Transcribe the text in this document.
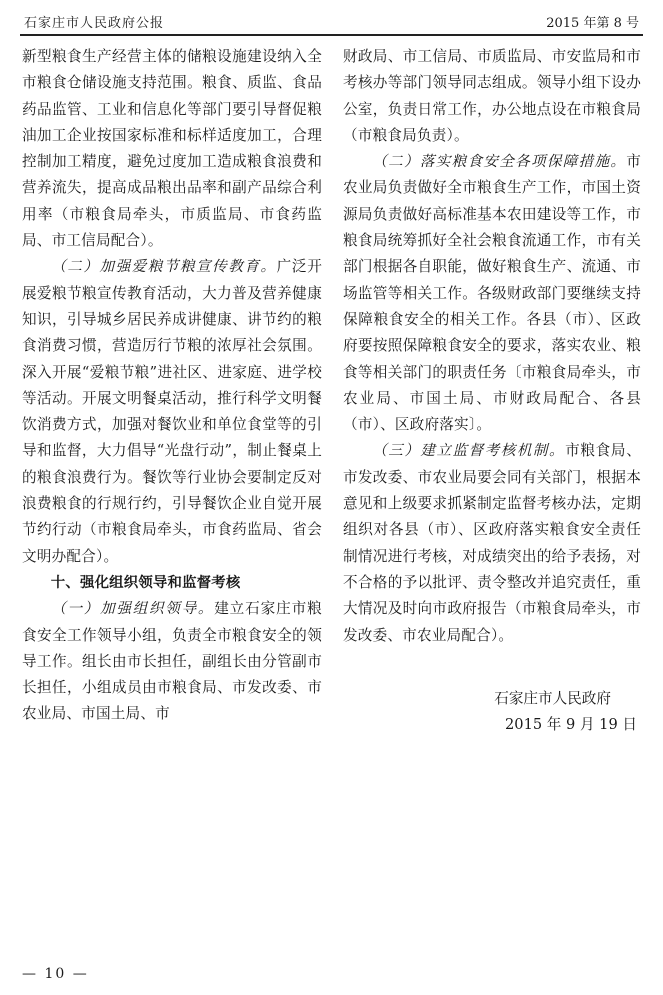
石家庄市人民政府公报	2015 年第 8 号

新型粮食生产经营主体的储粮设施建设纳入全市粮食仓储设施支持范围。粮食、质监、食品药品监管、工业和信息化等部门要引导督促粮油加工企业按国家标准和标样适度加工，合理控制加工精度，避免过度加工造成粮食浪费和营养流失，提高成品粮出品率和副产品综合利用率（市粮食局牵头，市质监局、市食药监局、市工信局配合）。

（二）加强爱粮节粮宣传教育。广泛开展爱粮节粮宣传教育活动，大力普及营养健康知识，引导城乡居民养成讲健康、讲节约的粮食消费习惯，营造厉行节粮的浓厚社会氛围。深入开展“爱粮节粮”进社区、进家庭、进学校等活动。开展文明餐桌活动，推行科学文明餐饮消费方式，加强对餐饮业和单位食堂等的引导和监督，大力倡导“光盘行动”，制止餐桌上的粮食浪费行为。餐饮等行业协会要制定反对浪费粮食的行规行约，引导餐饮企业自觉开展节约行动（市粮食局牵头，市食药监局、省会文明办配合）。

十、强化组织领导和监督考核

（一）加强组织领导。建立石家庄市粮食安全工作领导小组，负责全市粮食安全的领导工作。组长由市长担任，副组长由分管副市长担任，小组成员由市粮食局、市发改委、市农业局、市国土局、市

财政局、市工信局、市质监局、市安监局和市考核办等部门领导同志组成。领导小组下设办公室，负责日常工作，办公地点设在市粮食局（市粮食局负责）。

（二）落实粮食安全各项保障措施。市农业局负责做好全市粮食生产工作，市国土资源局负责做好高标准基本农田建设等工作，市粮食局统筹抓好全社会粮食流通工作，市有关部门根据各自职能，做好粮食生产、流通、市场监管等相关工作。各级财政部门要继续支持保障粮食安全的相关工作。各县（市）、区政府要按照保障粮食安全的要求，落实农业、粮食等相关部门的职责任务〔市粮食局牵头，市农业局、市国土局、市财政局配合、各县（市）、区政府落实〕。

（三）建立监督考核机制。市粮食局、市发改委、市农业局要会同有关部门，根据本意见和上级要求抓紧制定监督考核办法，定期组织对各县（市）、区政府落实粮食安全责任制情况进行考核，对成绩突出的给予表扬，对不合格的予以批评、责令整改并追究责任，重大情况及时向市政府报告（市粮食局牵头，市发改委、市农业局配合）。

石家庄市人民政府
2015 年 9 月 19 日
— 10 —
